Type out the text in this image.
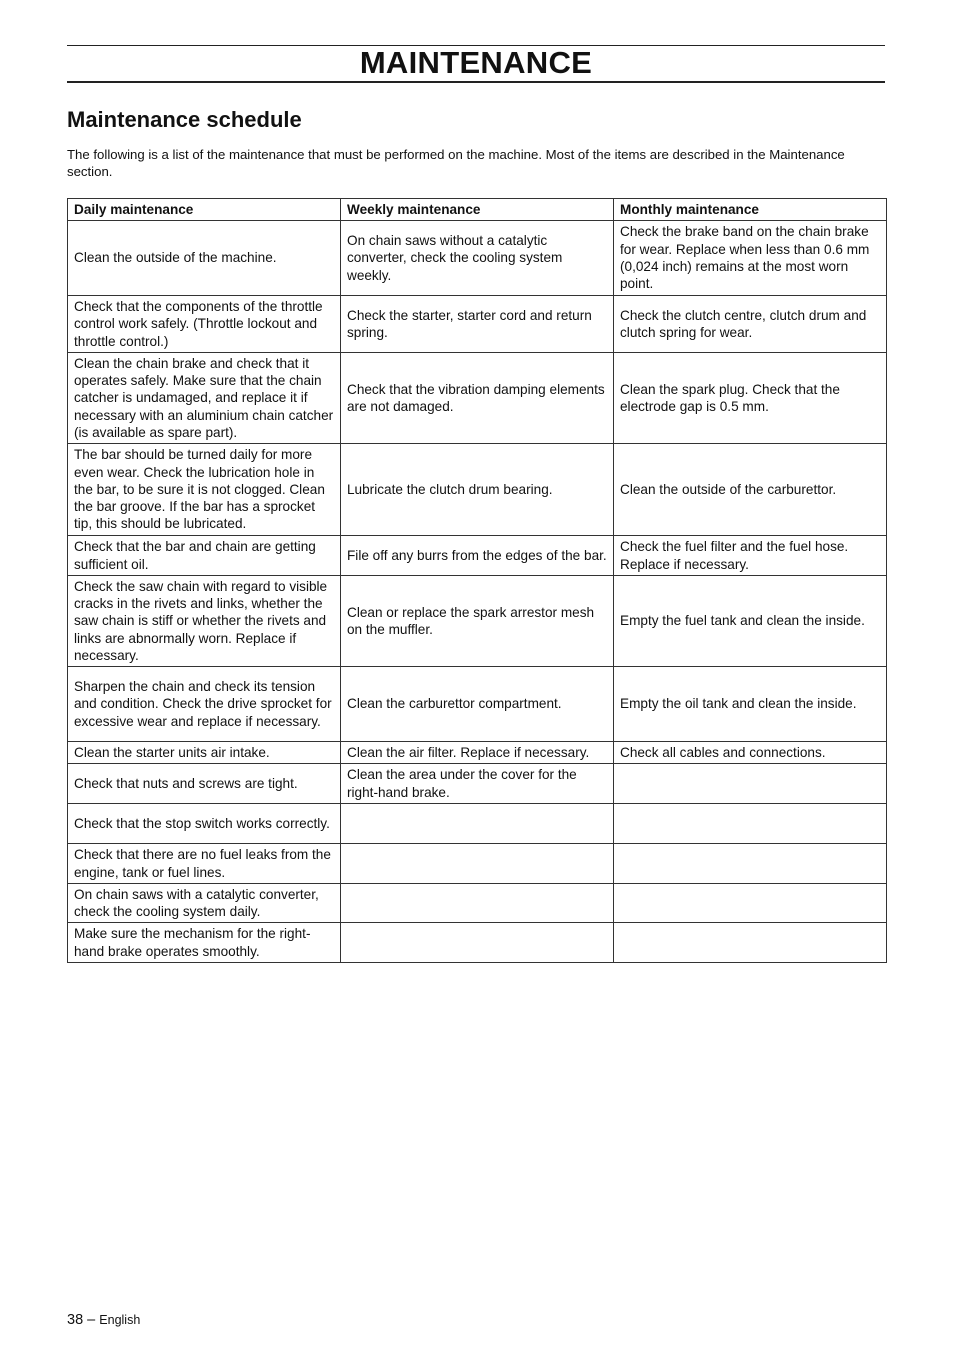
MAINTENANCE
Maintenance schedule
The following is a list of the maintenance that must be performed on the machine. Most of the items are described in the Maintenance section.
Daily maintenance	Weekly maintenance	Monthly maintenance
Clean the outside of the machine.	On chain saws without a catalytic converter, check the cooling system weekly.	Check the brake band on the chain brake for wear. Replace when less than 0.6 mm (0,024 inch) remains at the most worn point.
Check that the components of the throttle control work safely. (Throttle lockout and throttle control.)	Check the starter, starter cord and return spring.	Check the clutch centre, clutch drum and clutch spring for wear.
Clean the chain brake and check that it operates safely. Make sure that the chain catcher is undamaged, and replace it if necessary with an aluminium chain catcher (is available as spare part).	Check that the vibration damping elements are not damaged.	Clean the spark plug. Check that the electrode gap is 0.5 mm.
The bar should be turned daily for more even wear. Check the lubrication hole in the bar, to be sure it is not clogged. Clean the bar groove. If the bar has a sprocket tip, this should be lubricated.	Lubricate the clutch drum bearing.	Clean the outside of the carburettor.
Check that the bar and chain are getting sufficient oil.	File off any burrs from the edges of the bar.	Check the fuel filter and the fuel hose. Replace if necessary.
Check the saw chain with regard to visible cracks in the rivets and links, whether the saw chain is stiff or whether the rivets and links are abnormally worn. Replace if necessary.	Clean or replace the spark arrestor mesh on the muffler.	Empty the fuel tank and clean the inside.
Sharpen the chain and check its tension and condition. Check the drive sprocket for excessive wear and replace if necessary.	Clean the carburettor compartment.	Empty the oil tank and clean the inside.
Clean the starter units air intake.	Clean the air filter. Replace if necessary.	Check all cables and connections.
Check that nuts and screws are tight.	Clean the area under the cover for the right-hand brake.	
Check that the stop switch works correctly.		
Check that there are no fuel leaks from the engine, tank or fuel lines.		
On chain saws with a catalytic converter, check the cooling system daily.		
Make sure the mechanism for the right-hand brake operates smoothly.		
38 – English
